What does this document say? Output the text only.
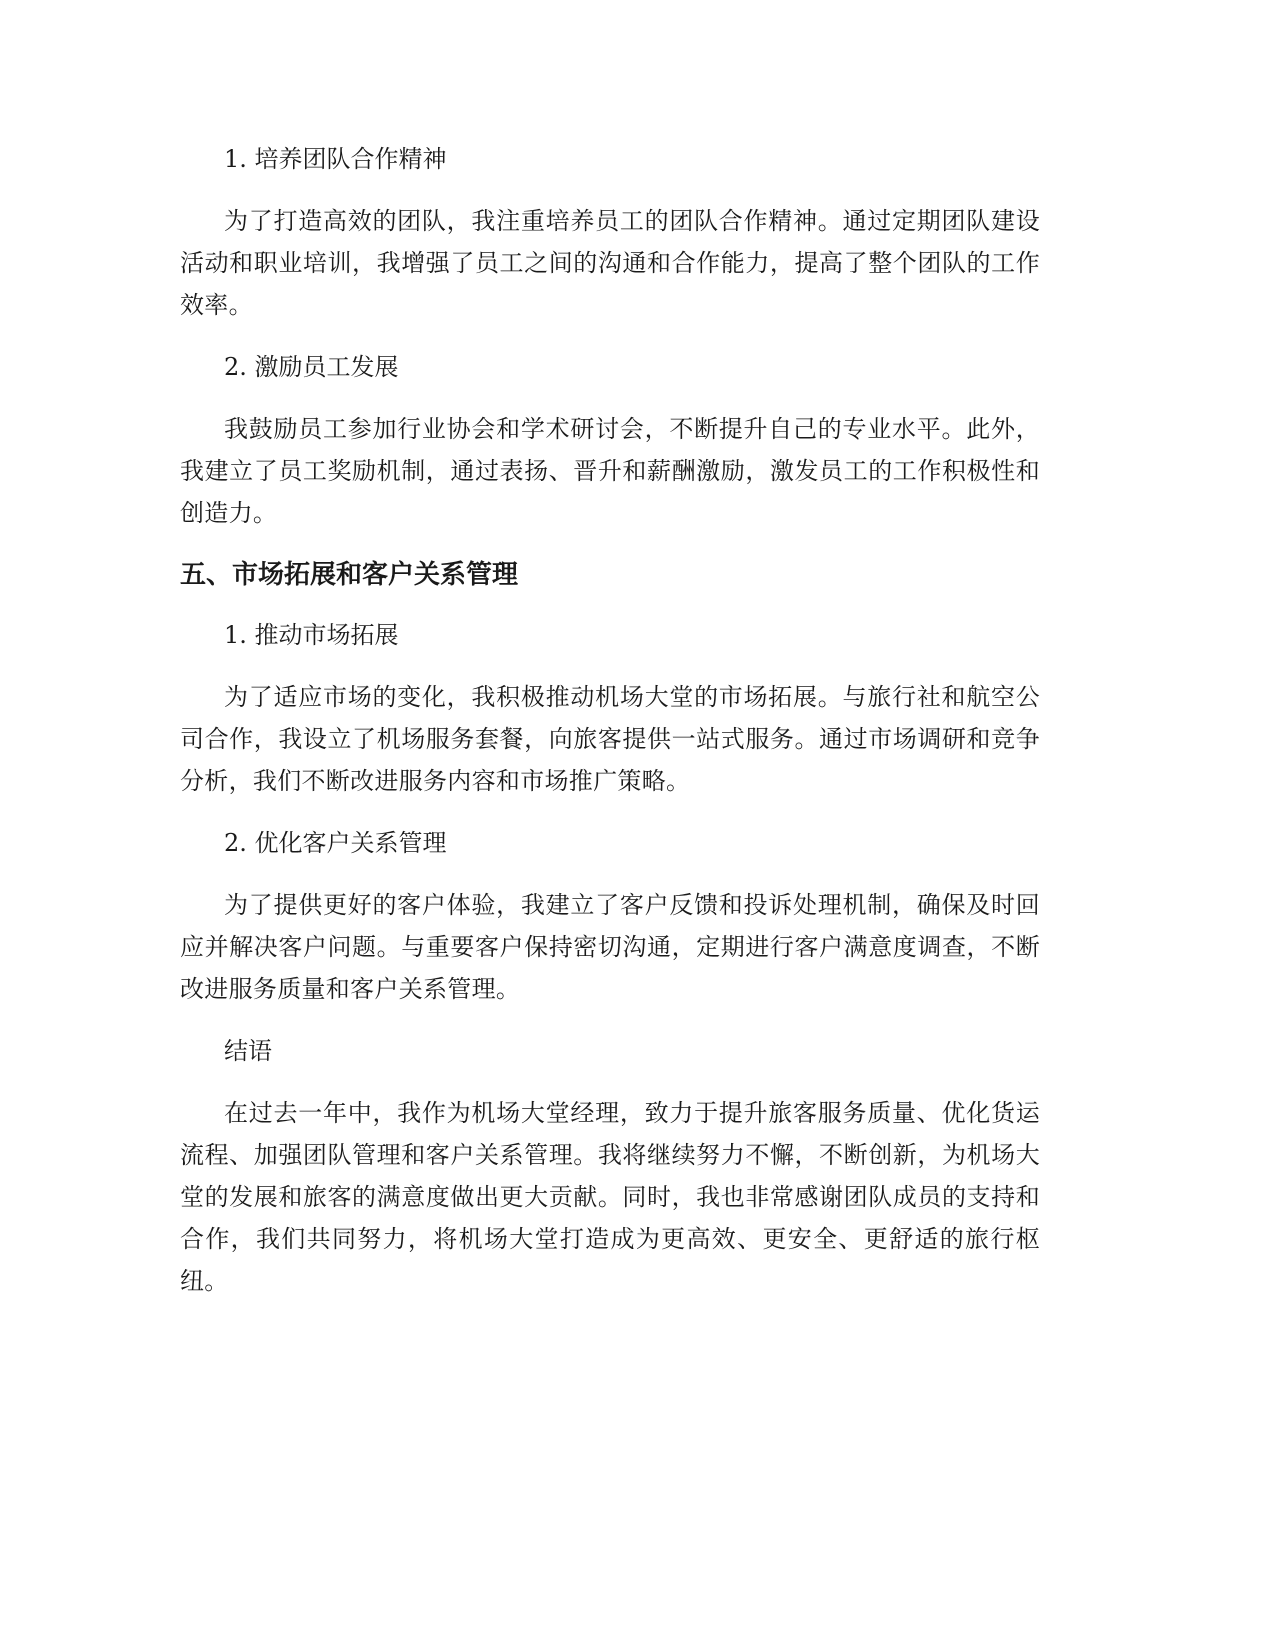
1. 培养团队合作精神
为了打造高效的团队，我注重培养员工的团队合作精神。通过定期团队建设活动和职业培训，我增强了员工之间的沟通和合作能力，提高了整个团队的工作效率。
2. 激励员工发展
我鼓励员工参加行业协会和学术研讨会，不断提升自己的专业水平。此外，我建立了员工奖励机制，通过表扬、晋升和薪酬激励，激发员工的工作积极性和创造力。
五、市场拓展和客户关系管理
1. 推动市场拓展
为了适应市场的变化，我积极推动机场大堂的市场拓展。与旅行社和航空公司合作，我设立了机场服务套餐，向旅客提供一站式服务。通过市场调研和竞争分析，我们不断改进服务内容和市场推广策略。
2. 优化客户关系管理
为了提供更好的客户体验，我建立了客户反馈和投诉处理机制，确保及时回应并解决客户问题。与重要客户保持密切沟通，定期进行客户满意度调查，不断改进服务质量和客户关系管理。
结语
在过去一年中，我作为机场大堂经理，致力于提升旅客服务质量、优化货运流程、加强团队管理和客户关系管理。我将继续努力不懈，不断创新，为机场大堂的发展和旅客的满意度做出更大贡献。同时，我也非常感谢团队成员的支持和合作，我们共同努力，将机场大堂打造成为更高效、更安全、更舒适的旅行枢纽。
